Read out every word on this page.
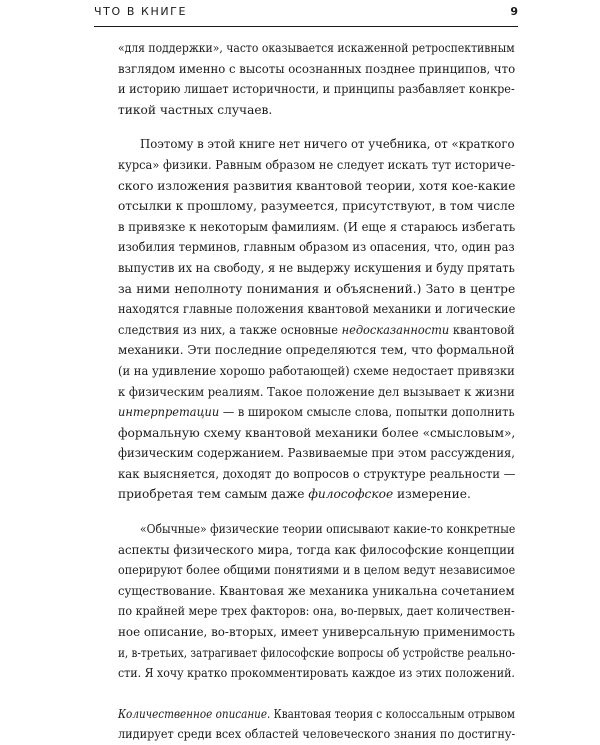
ЧТО В КНИГЕ	9
«для поддержки», часто оказывается искаженной ретроспективным
взглядом именно с высоты осознанных позднее принципов, что
и историю лишает историчности, и принципы разбавляет конкре-
тикой частных случаев.
Поэтому в этой книге нет ничего от учебника, от «краткого
курса» физики. Равным образом не следует искать тут историче-
ского изложения развития квантовой теории, хотя кое-какие
отсылки к прошлому, разумеется, присутствуют, в том числе
в привязке к некоторым фамилиям. (И еще я стараюсь избегать
изобилия терминов, главным образом из опасения, что, один раз
выпустив их на свободу, я не выдержу искушения и буду прятать
за ними неполноту понимания и объяснений.) Зато в центре
находятся главные положения квантовой механики и логические
следствия из них, а также основные недосказанности квантовой
механики. Эти последние определяются тем, что формальной
(и на удивление хорошо работающей) схеме недостает привязки
к физическим реалиям. Такое положение дел вызывает к жизни
интерпретации — в широком смысле слова, попытки дополнить
формальную схему квантовой механики более «смысловым»,
физическим содержанием. Развиваемые при этом рассуждения,
как выясняется, доходят до вопросов о структуре реальности —
приобретая тем самым даже философское измерение.
«Обычные» физические теории описывают какие-то конкретные
аспекты физического мира, тогда как философские концепции
оперируют более общими понятиями и в целом ведут независимое
существование. Квантовая же механика уникальна сочетанием
по крайней мере трех факторов: она, во-первых, дает количествен-
ное описание, во-вторых, имеет универсальную применимость
и, в-третьих, затрагивает философские вопросы об устройстве реально-
сти. Я хочу кратко прокомментировать каждое из этих положений.
Количественное описание. Квантовая теория с колоссальным отрывом
лидирует среди всех областей человеческого знания по достигну-
